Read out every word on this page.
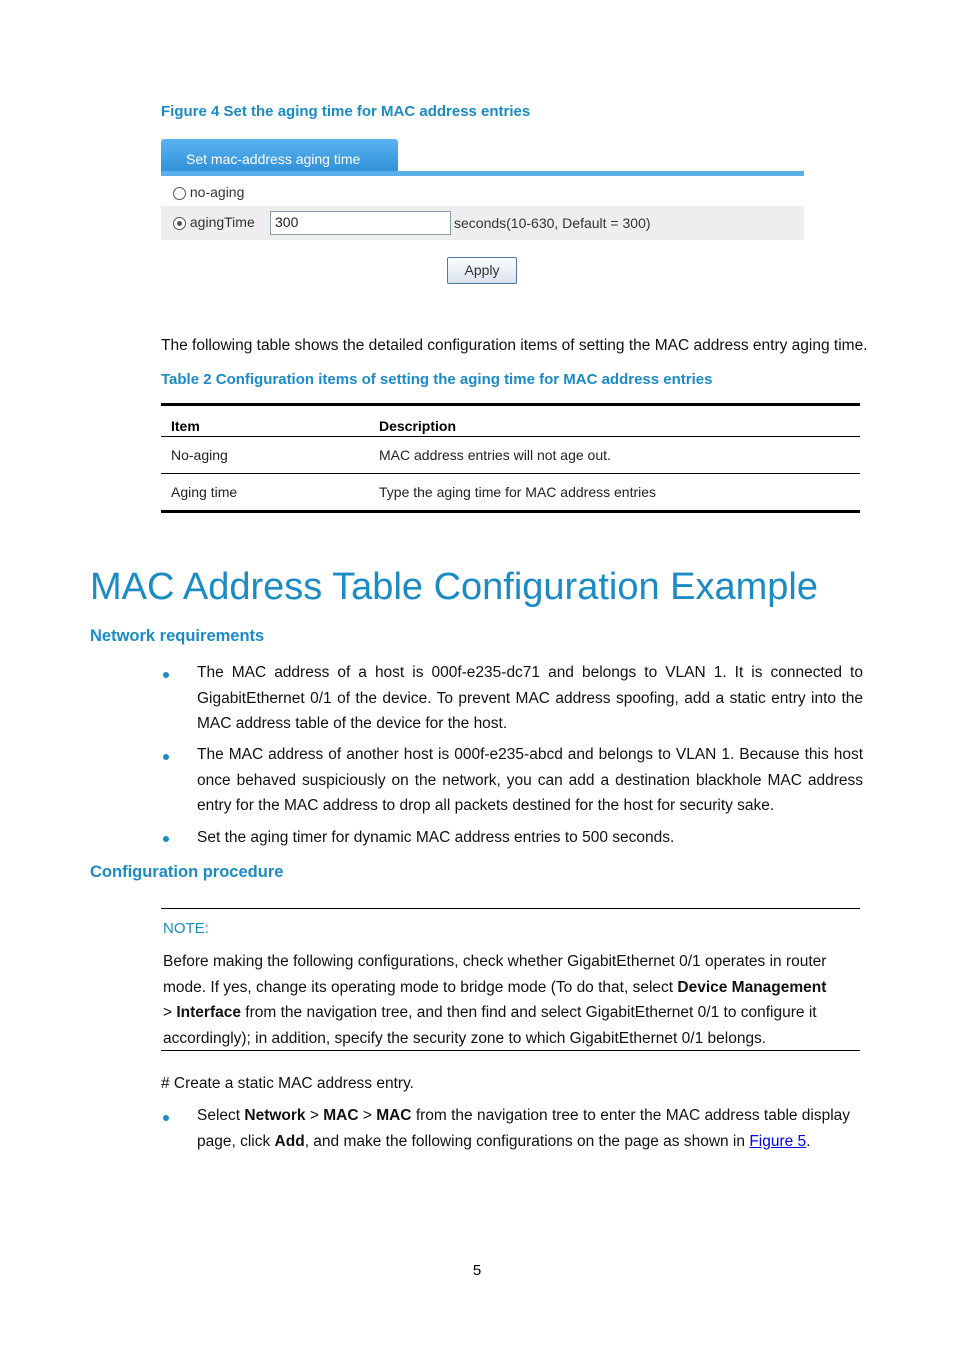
Figure 4 Set the aging time for MAC address entries
Set mac-address aging time
no-aging
agingTime	300	seconds(10-630, Default = 300)
Apply
The following table shows the detailed configuration items of setting the MAC address entry aging time.
Table 2 Configuration items of setting the aging time for MAC address entries
Item	Description
No-aging	MAC address entries will not age out.
Aging time	Type the aging time for MAC address entries
MAC Address Table Configuration Example
Network requirements
The MAC address of a host is 000f-e235-dc71 and belongs to VLAN 1. It is connected to GigabitEthernet 0/1 of the device. To prevent MAC address spoofing, add a static entry into the MAC address table of the device for the host.
The MAC address of another host is 000f-e235-abcd and belongs to VLAN 1. Because this host once behaved suspiciously on the network, you can add a destination blackhole MAC address entry for the MAC address to drop all packets destined for the host for security sake.
Set the aging timer for dynamic MAC address entries to 500 seconds.
Configuration procedure
NOTE:
Before making the following configurations, check whether GigabitEthernet 0/1 operates in router mode. If yes, change its operating mode to bridge mode (To do that, select Device Management > Interface from the navigation tree, and then find and select GigabitEthernet 0/1 to configure it accordingly); in addition, specify the security zone to which GigabitEthernet 0/1 belongs.
# Create a static MAC address entry.
Select Network > MAC > MAC from the navigation tree to enter the MAC address table display page, click Add, and make the following configurations on the page as shown in Figure 5.
5
